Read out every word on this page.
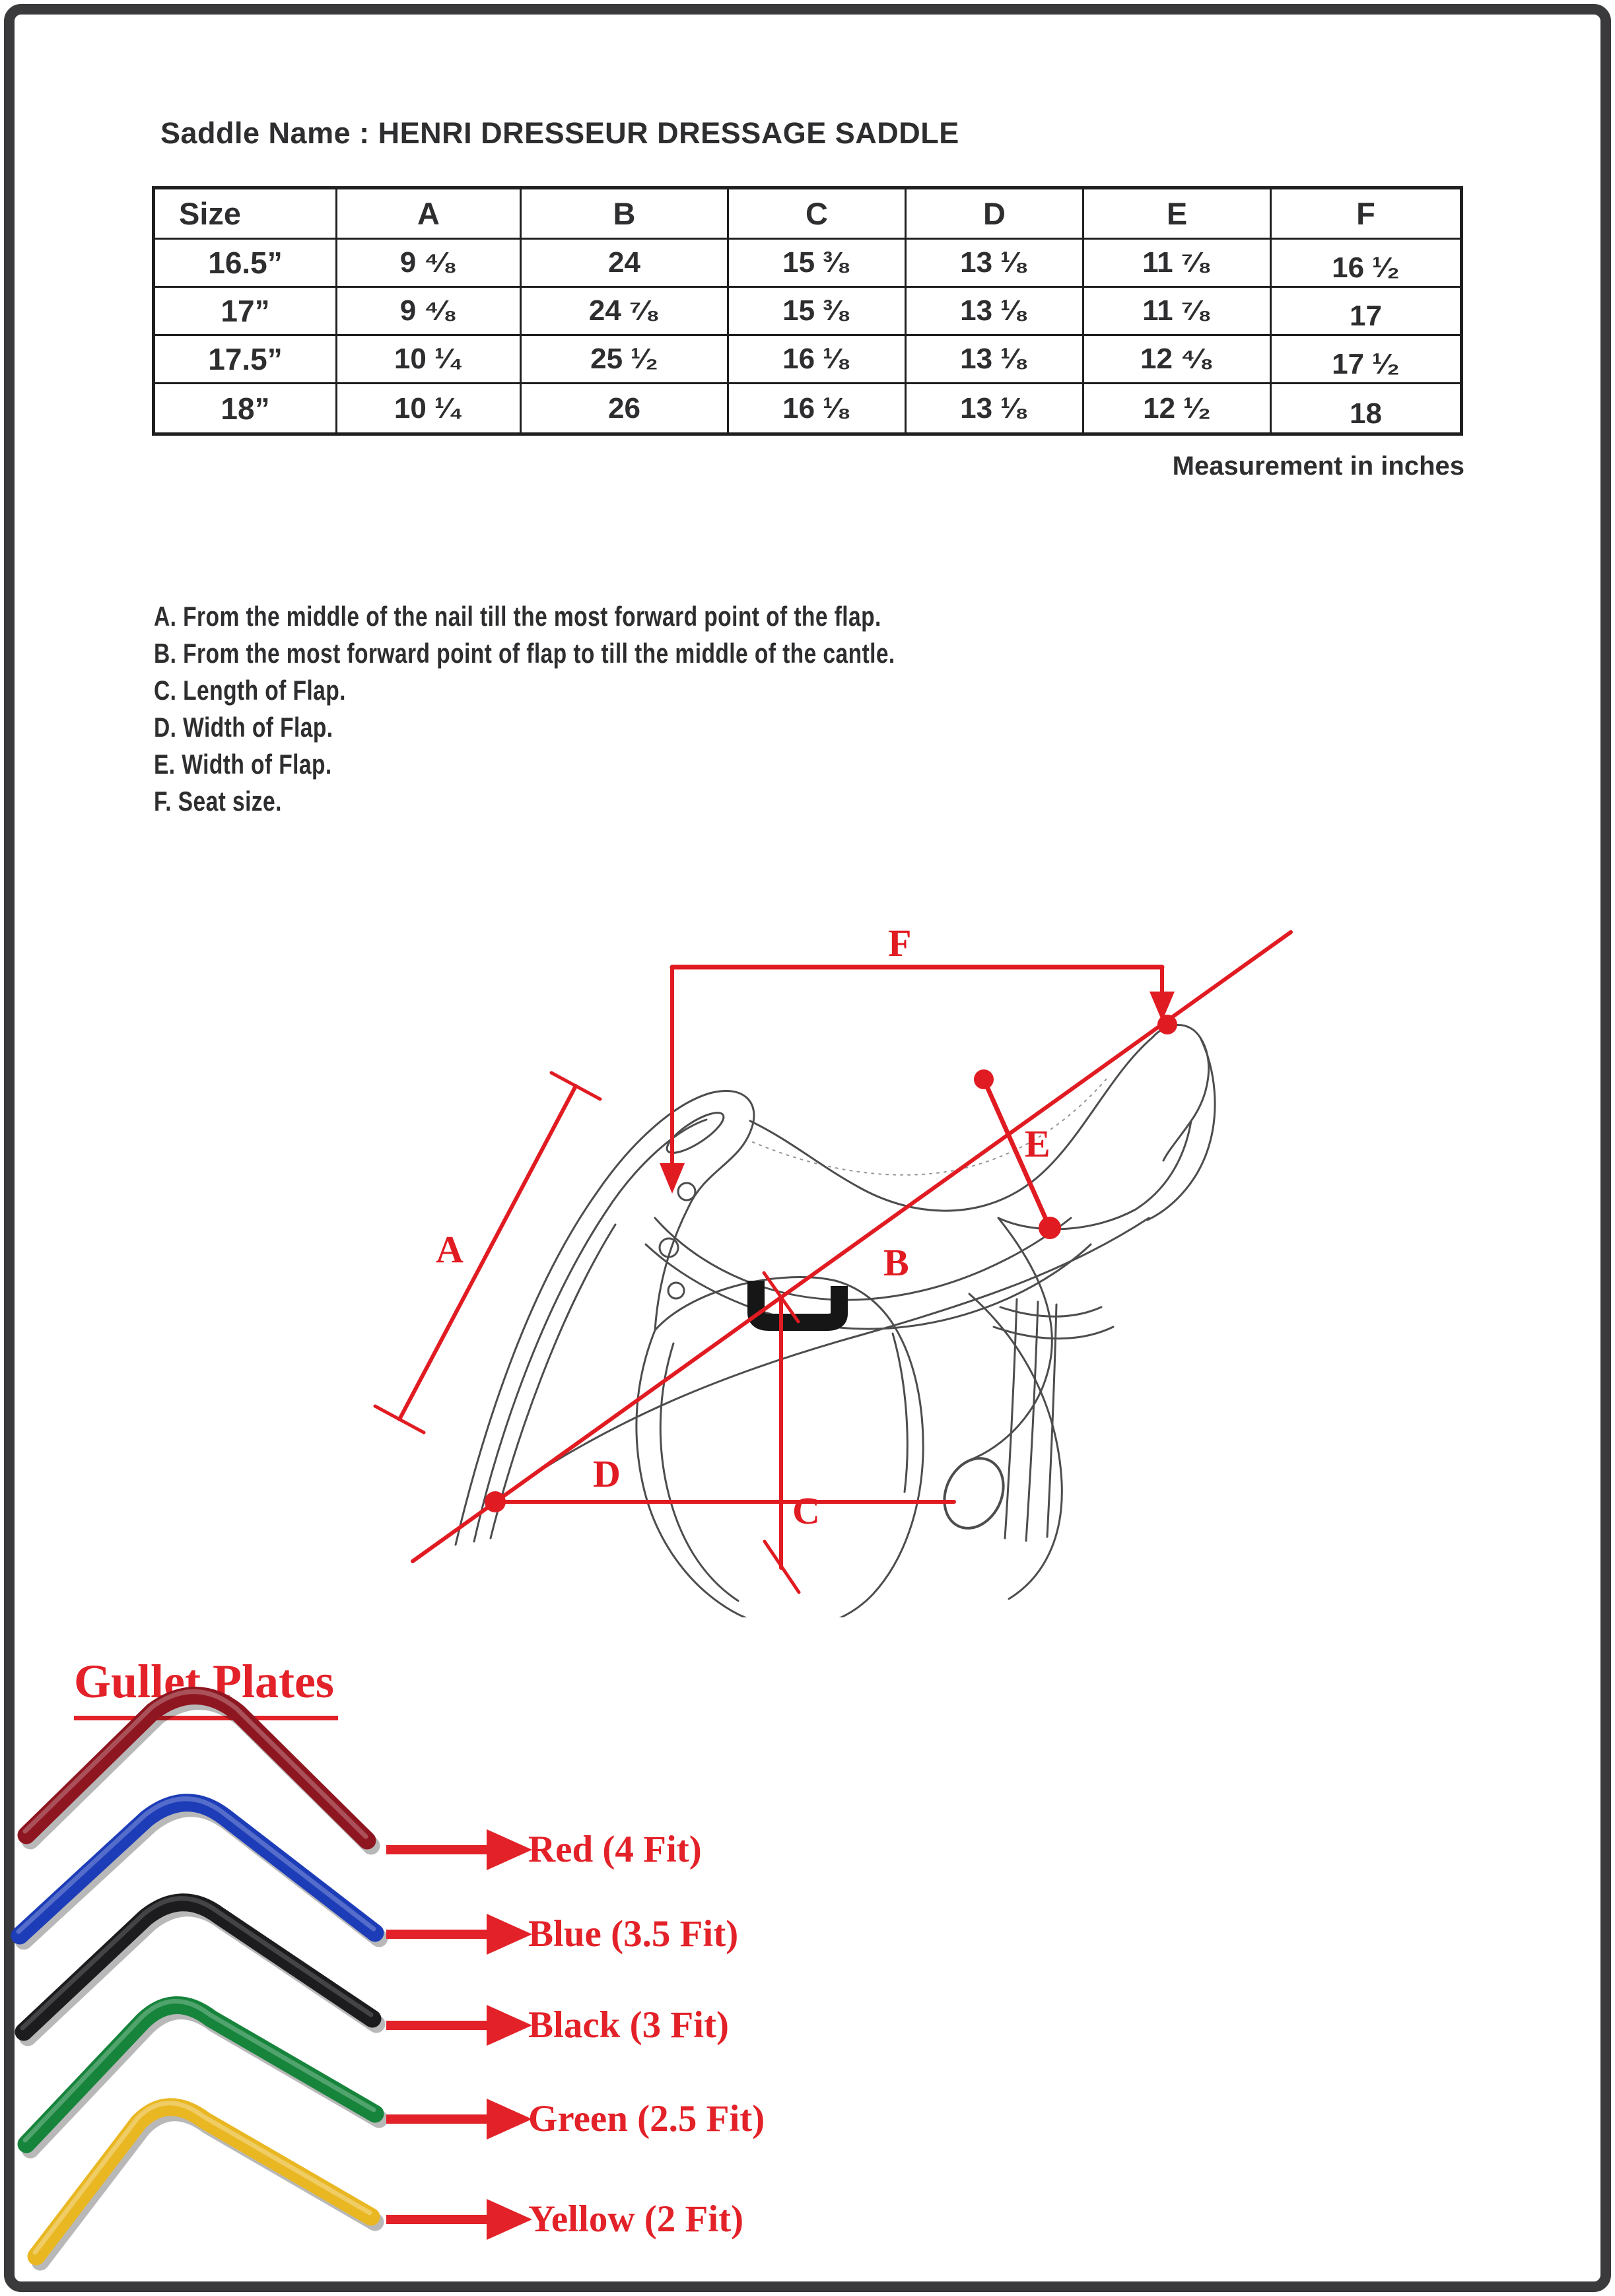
Saddle Name : HENRI DRESSEUR DRESSAGE SADDLE
Size	A	B	C	D	E	F
16.5”	9 ⁴⁄₈	24	15 ³⁄₈	13 ¹⁄₈	11 ⁷⁄₈	16 ¹⁄₂
17”	9 ⁴⁄₈	24 ⁷⁄₈	15 ³⁄₈	13 ¹⁄₈	11 ⁷⁄₈	17
17.5”	10 ¹⁄₄	25 ¹⁄₂	16 ¹⁄₈	13 ¹⁄₈	12 ⁴⁄₈	17 ¹⁄₂
18”	10 ¹⁄₄	26	16 ¹⁄₈	13 ¹⁄₈	12 ¹⁄₂	18
Measurement in inches
A. From the middle of the nail till the most forward point of the flap.
B. From the most forward point of flap to till the middle of the cantle.
C. Length of Flap.
D. Width of Flap.
E. Width of Flap.
F. Seat size.
F
A	B
C
D
E
Gullet Plates
Red (4 Fit)
Blue (3.5 Fit)
Black (3 Fit)
Green (2.5 Fit)
Yellow (2 Fit)
